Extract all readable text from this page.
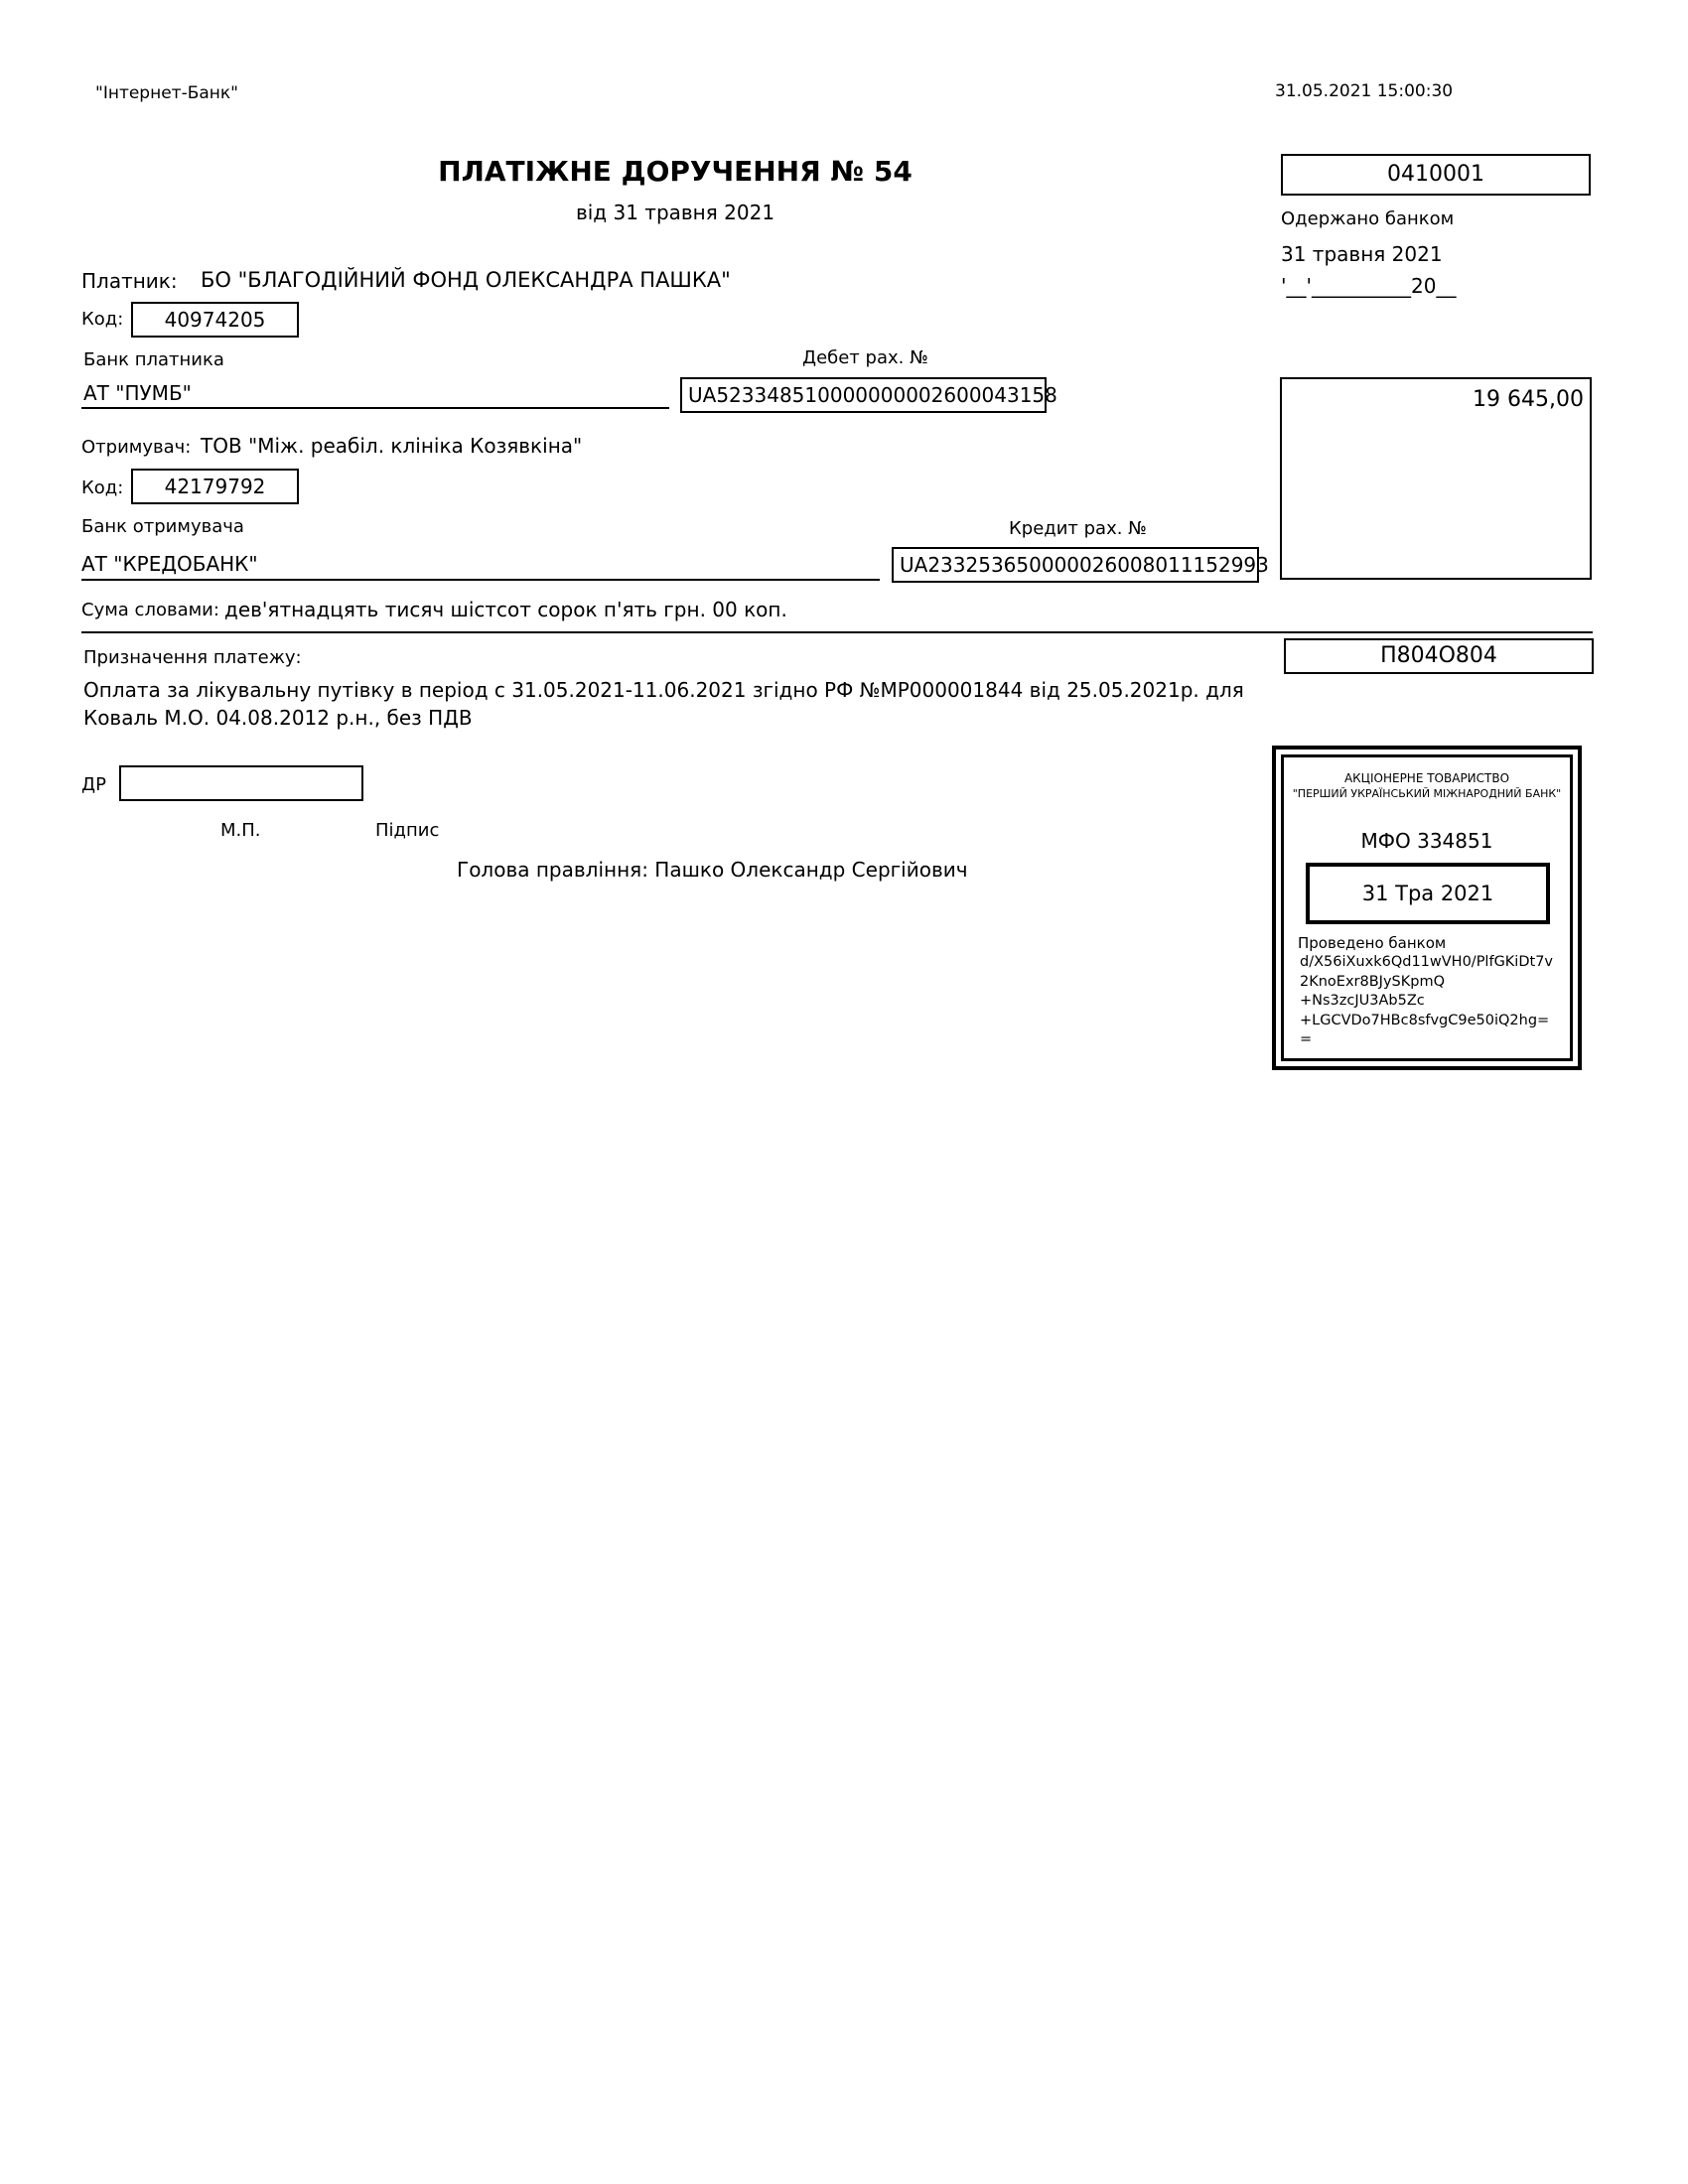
"Інтернет-Банк"	31.05.2021 15:00:30
ПЛАТІЖНЕ ДОРУЧЕННЯ № 54
від 31 травня 2021
0410001
Одержано банком
31 травня 2021
'__'__________20__
Платник: БО "БЛАГОДІЙНИЙ ФОНД ОЛЕКСАНДРА ПАШКА"
Код:	40974205
Банк платника	Дебет рах. №
АТ "ПУМБ"	UA523348510000000002600043158	19 645,00
Отримувач: ТОВ "Між. реабіл. клініка Козявкіна"
Код:	42179792
Банк отримувача	Кредит рах. №
АТ "КРЕДОБАНК"	UA233253650000026008011152993
Сума словами: дев'ятнадцять тисяч шістсот сорок п'ять грн. 00 коп.
Призначення платежу:	П804О804
Оплата за лікувальну путівку в період с 31.05.2021-11.06.2021 згідно РФ №МР000001844 від 25.05.2021р. для
Коваль М.О. 04.08.2012 р.н., без ПДВ
ДР
М.П.	Підпис
Голова правління: Пашко Олександр Сергійович
АКЦІОНЕРНЕ ТОВАРИСТВО
"ПЕРШИЙ УКРАЇНСЬКИЙ МІЖНАРОДНИЙ БАНК"
МФО 334851
31 Тра 2021
Проведено банком
d/X56iXuxk6Qd11wVH0/PlfGKiDt7v
2KnoExr8BJySKpmQ
+Ns3zcJU3Ab5Zc
+LGCVDo7HBc8sfvgC9e50iQ2hg=
=
